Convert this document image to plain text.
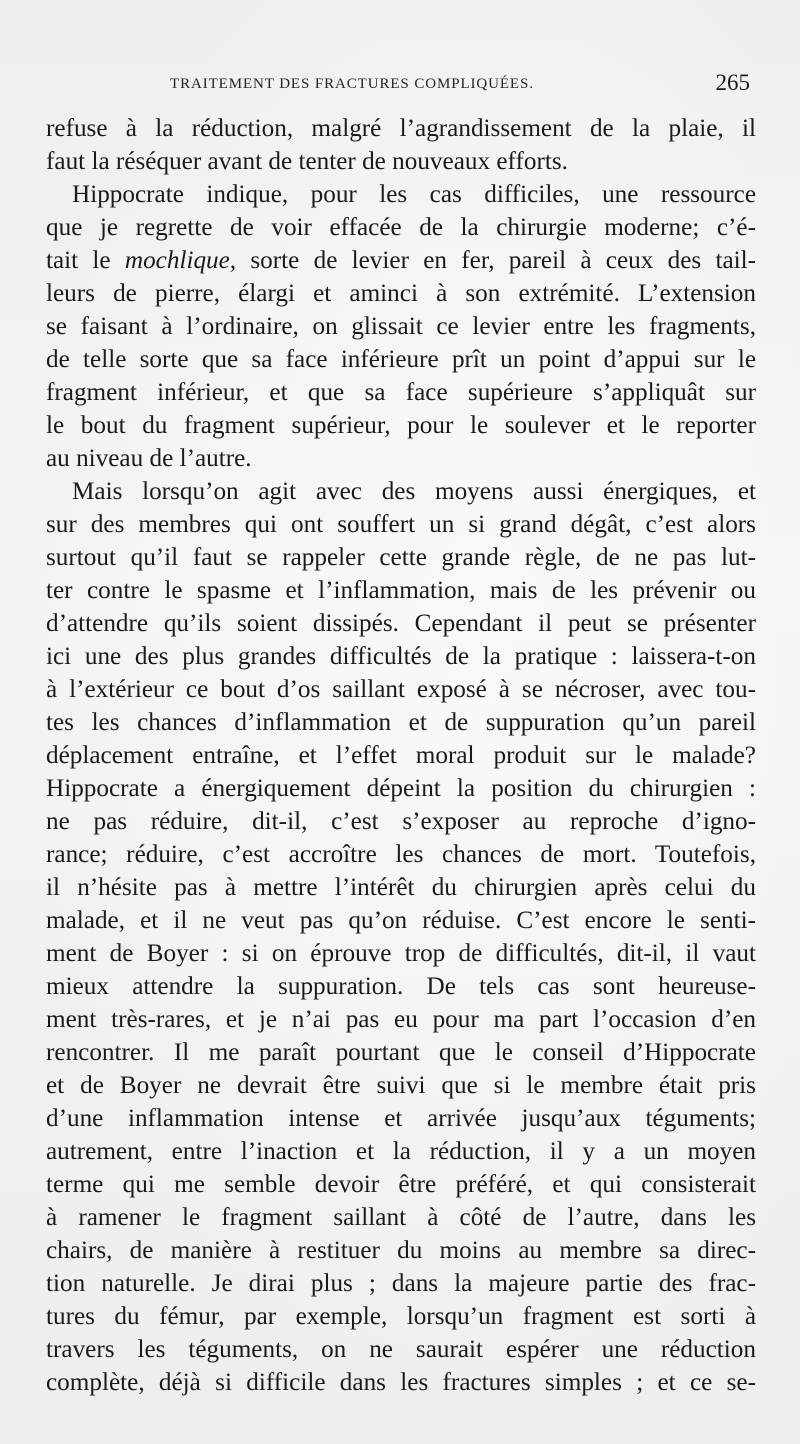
TRAITEMENT DES FRACTURES COMPLIQUÉES.	265
refuse à la réduction, malgré l’agrandissement de la plaie, il
faut la réséquer avant de tenter de nouveaux efforts.
Hippocrate indique, pour les cas difficiles, une ressource
que je regrette de voir effacée de la chirurgie moderne; c’é-
tait le mochlique, sorte de levier en fer, pareil à ceux des tail-
leurs de pierre, élargi et aminci à son extrémité. L’extension
se faisant à l’ordinaire, on glissait ce levier entre les fragments,
de telle sorte que sa face inférieure prît un point d’appui sur le
fragment inférieur, et que sa face supérieure s’appliquât sur
le bout du fragment supérieur, pour le soulever et le reporter
au niveau de l’autre.
Mais lorsqu’on agit avec des moyens aussi énergiques, et
sur des membres qui ont souffert un si grand dégât, c’est alors
surtout qu’il faut se rappeler cette grande règle, de ne pas lut-
ter contre le spasme et l’inflammation, mais de les prévenir ou
d’attendre qu’ils soient dissipés. Cependant il peut se présenter
ici une des plus grandes difficultés de la pratique : laissera-t-on
à l’extérieur ce bout d’os saillant exposé à se nécroser, avec tou-
tes les chances d’inflammation et de suppuration qu’un pareil
déplacement entraîne, et l’effet moral produit sur le malade?
Hippocrate a énergiquement dépeint la position du chirurgien :
ne pas réduire, dit-il, c’est s’exposer au reproche d’igno-
rance; réduire, c’est accroître les chances de mort. Toutefois,
il n’hésite pas à mettre l’intérêt du chirurgien après celui du
malade, et il ne veut pas qu’on réduise. C’est encore le senti-
ment de Boyer : si on éprouve trop de difficultés, dit-il, il vaut
mieux attendre la suppuration. De tels cas sont heureuse-
ment très-rares, et je n’ai pas eu pour ma part l’occasion d’en
rencontrer. Il me paraît pourtant que le conseil d’Hippocrate
et de Boyer ne devrait être suivi que si le membre était pris
d’une inflammation intense et arrivée jusqu’aux téguments;
autrement, entre l’inaction et la réduction, il y a un moyen
terme qui me semble devoir être préféré, et qui consisterait
à ramener le fragment saillant à côté de l’autre, dans les
chairs, de manière à restituer du moins au membre sa direc-
tion naturelle. Je dirai plus ; dans la majeure partie des frac-
tures du fémur, par exemple, lorsqu’un fragment est sorti à
travers les téguments, on ne saurait espérer une réduction
complète, déjà si difficile dans les fractures simples ; et ce se-
